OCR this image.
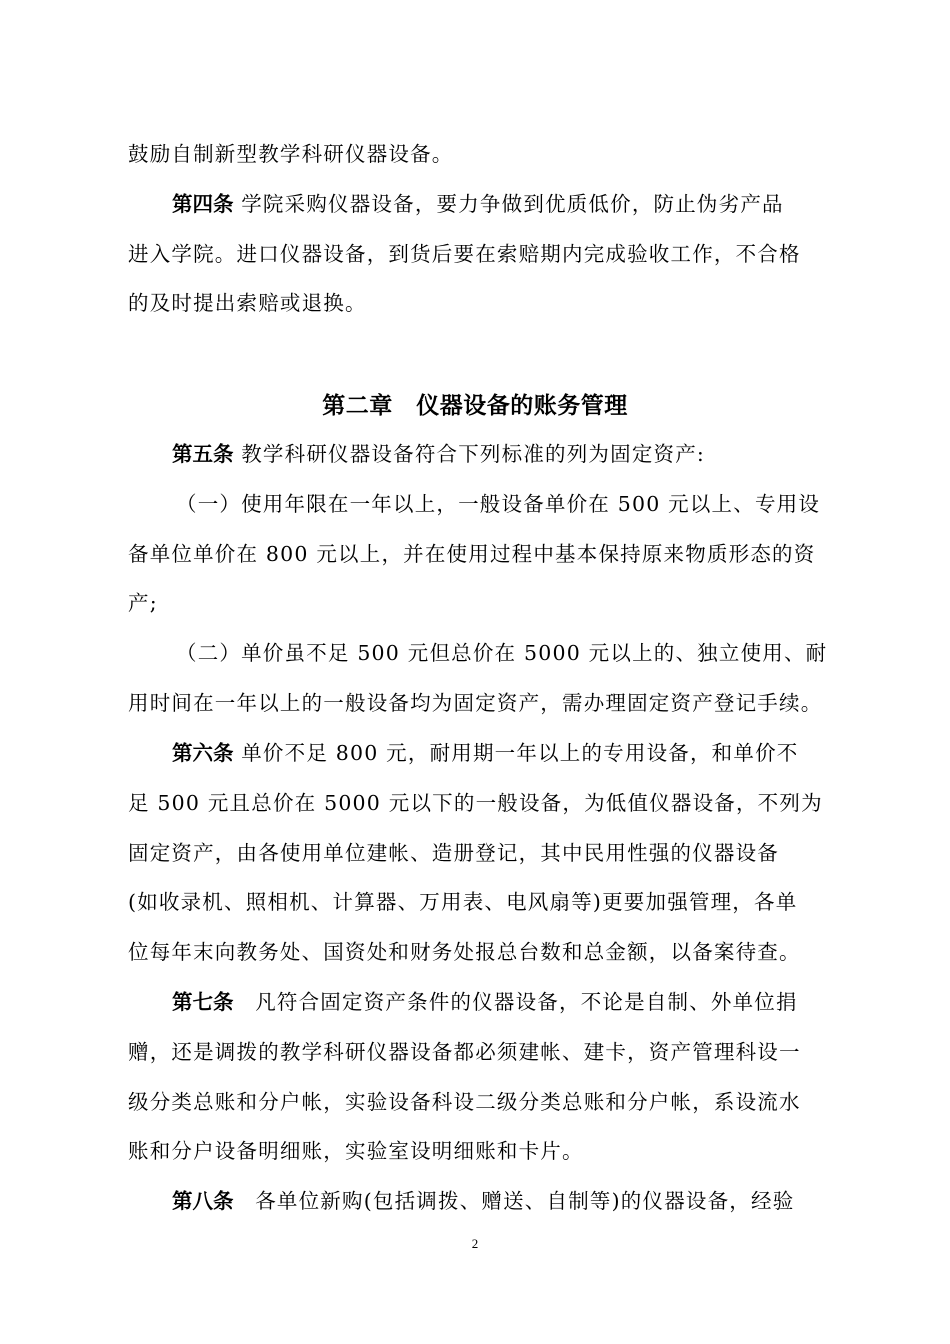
鼓励自制新型教学科研仪器设备。
第四条 学院采购仪器设备，要力争做到优质低价，防止伪劣产品
进入学院。进口仪器设备，到货后要在索赔期内完成验收工作，不合格
的及时提出索赔或退换。
第二章　仪器设备的账务管理
第五条 教学科研仪器设备符合下列标准的列为固定资产:
（一）使用年限在一年以上，一般设备单价在 500 元以上、专用设
备单位单价在 800 元以上，并在使用过程中基本保持原来物质形态的资
产;
（二）单价虽不足 500 元但总价在 5000 元以上的、独立使用、耐
用时间在一年以上的一般设备均为固定资产，需办理固定资产登记手续。
第六条 单价不足 800 元，耐用期一年以上的专用设备，和单价不
足 500 元且总价在 5000 元以下的一般设备，为低值仪器设备，不列为
固定资产，由各使用单位建帐、造册登记，其中民用性强的仪器设备
(如收录机、照相机、计算器、万用表、电风扇等)更要加强管理，各单
位每年末向教务处、国资处和财务处报总台数和总金额，以备案待查。
第七条　凡符合固定资产条件的仪器设备，不论是自制、外单位捐
赠，还是调拨的教学科研仪器设备都必须建帐、建卡，资产管理科设一
级分类总账和分户帐，实验设备科设二级分类总账和分户帐，系设流水
账和分户设备明细账，实验室设明细账和卡片。
第八条　各单位新购(包括调拨、赠送、自制等)的仪器设备，经验
2
